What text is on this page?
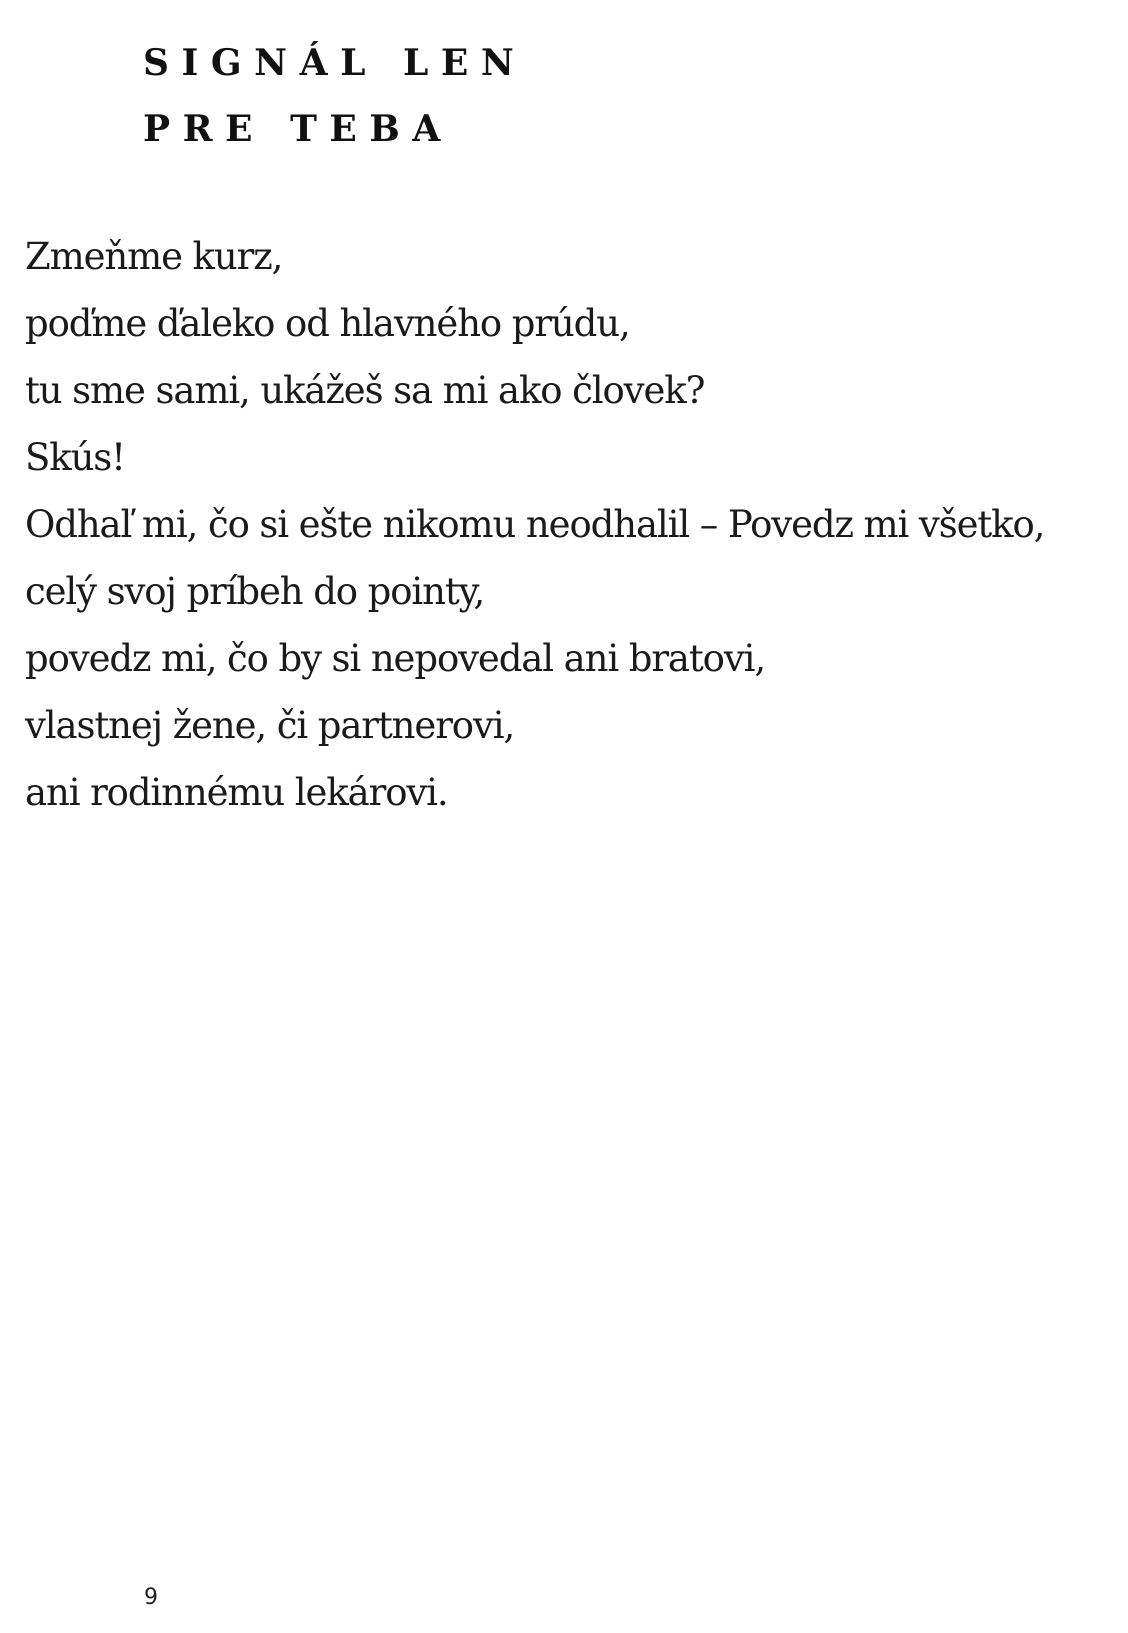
S I G N Á L   L E N
P R E   T E B A
Zmeňme kurz,
poďme ďaleko od hlavného prúdu,
tu sme sami, ukážeš sa mi ako človek?
Skús!
Odhaľ mi, čo si ešte nikomu neodhalil – Povedz mi všetko,
celý svoj príbeh do pointy,
povedz mi, čo by si nepovedal ani bratovi,
vlastnej žene, či partnerovi,
ani rodinnému lekárovi.
9
